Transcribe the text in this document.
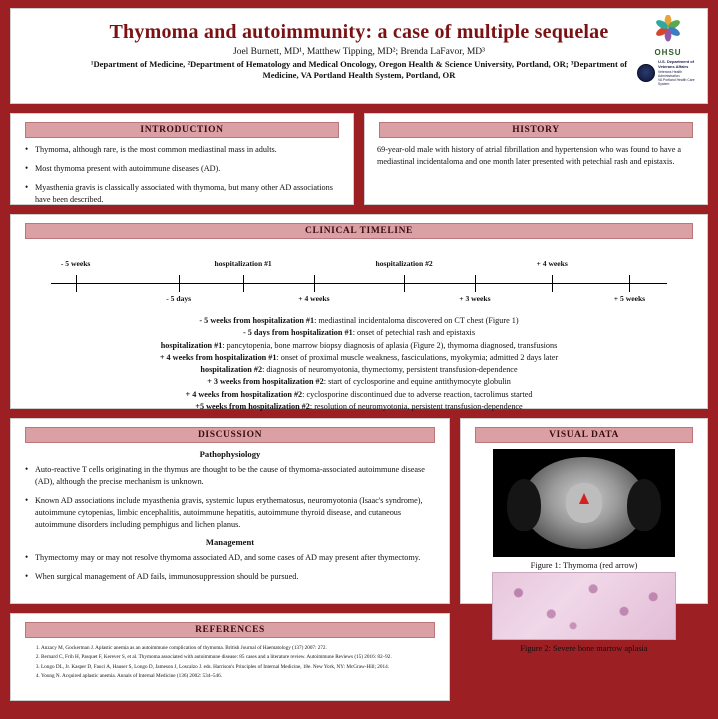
Thymoma and autoimmunity: a case of multiple sequelae
Joel Burnett, MD¹, Matthew Tipping, MD²; Brenda LaFavor, MD³
¹Department of Medicine, ²Department of Hematology and Medical Oncology, Oregon Health & Science University, Portland, OR; ³Department of Medicine, VA Portland Health System, Portland, OR
OHSU
U.S. Department of Veterans Affairs
Veterans Health Administration
VA Portland Health Care System
INTRODUCTION
• Thymoma, although rare, is the most common mediastinal mass in adults.
• Most thymoma present with autoimmune diseases (AD).
• Myasthenia gravis is classically associated with thymoma, but many other AD associations have been described.
HISTORY
69-year-old male with history of atrial fibrillation and hypertension who was found to have a mediastinal incidentaloma and one month later presented with petechial rash and epistaxis.
CLINICAL TIMELINE
- 5 weeks
- 5 days
hospitalization #1
+ 4 weeks
hospitalization #2
+ 3 weeks
+ 4 weeks
+ 5 weeks
- 5 weeks from hospitalization #1: mediastinal incidentaloma discovered on CT chest (Figure 1)
- 5 days from hospitalization #1: onset of petechial rash and epistaxis
hospitalization #1: pancytopenia, bone marrow biopsy diagnosis of aplasia (Figure 2), thymoma diagnosed, transfusions
+ 4 weeks from hospitalization #1: onset of proximal muscle weakness, fasciculations, myokymia; admitted 2 days later
hospitalization #2: diagnosis of neuromyotonia, thymectomy, persistent transfusion-dependence
+ 3 weeks from hospitalization #2: start of cyclosporine and equine antithymocyte globulin
+ 4 weeks from hospitalization #2: cyclosporine discontinued due to adverse reaction, tacrolimus started
+5 weeks from hospitalization #2: resolution of neuromyotonia, persistent transfusion-dependence
DISCUSSION
Pathophysiology
• Auto-reactive T cells originating in the thymus are thought to be the cause of thymoma-associated autoimmune disease (AD), although the precise mechanism is unknown.
• Known AD associations include myasthenia gravis, systemic lupus erythematosus, neuromyotonia (Isaac's syndrome), autoimmune cytopenias, limbic encephalitis, autoimmune hepatitis, autoimmune thyroid disease, and cutaneous autoimmune disorders including pemphigus and lichen planus.
Management
• Thymectomy may or may not resolve thymoma associated AD, and some cases of AD may present after thymectomy.
• When surgical management of AD fails, immunosuppression should be pursued.
VISUAL DATA
Figure 1: Thymoma (red arrow)
Figure 2: Severe bone marrow aplasia
REFERENCES
1. Anzacy M, Gockerman J. Aplastic anemia as an autoimmune complication of thymoma. British Journal of Haematology (137) 2007: 272.
2. Bernard C, Frih H, Pasquet F, Kerever S, et al. Thymoma associated with autoimmune disease: 85 cases and a literature review. Autoimmune Reviews (15) 2016: 82–92.
3. Longo DL, Jr. Kasper D, Fauci A, Hauser S, Longo D, Jameson J, Loscalzo J. eds. Harrison's Principles of Internal Medicine, 18e. New York, NY: McGraw-Hill; 2014.
4. Young N. Acquired aplastic anemia. Annals of Internal Medicine (136) 2002: 534–546.
